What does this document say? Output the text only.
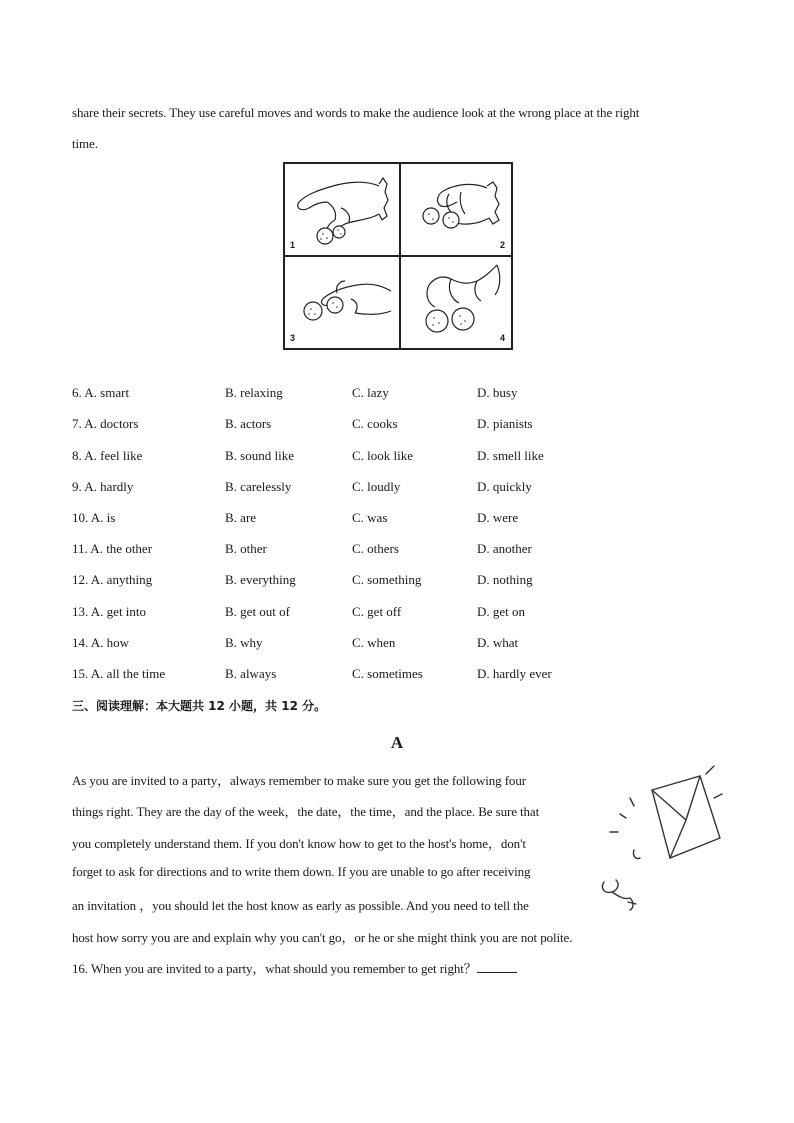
share their secrets. They use careful moves and words to make the audience look at the wrong place at the right
time.
1	2
3	4
6. A. smart	B. relaxing	C. lazy	D. busy
7. A. doctors	B. actors	C. cooks	D. pianists
8. A. feel like	B. sound like	C. look like	D. smell like
9. A. hardly	B. carelessly	C. loudly	D. quickly
10. A. is	B. are	C. was	D. were
11. A. the other	B. other	C. others	D. another
12. A. anything	B. everything	C. something	D. nothing
13. A. get into	B. get out of	C. get off	D. get on
14. A. how	B. why	C. when	D. what
15. A. all the time	B. always	C. sometimes	D. hardly ever
三、阅读理解：本大题共 12 小题，共 12 分。
A
As you are invited to a party，always remember to make sure you get the following four
things right. They are the day of the week，the date，the time，and the place. Be sure that
you completely understand them. If you don't know how to get to the host's home，don't
forget to ask for directions and to write them down. If you are unable to go after receiving
an invitation ，you should let the host know as early as possible. And you need to tell the
host how sorry you are and explain why you can't go，or he or she might think you are not polite.
16. When you are invited to a party，what should you remember to get right？
